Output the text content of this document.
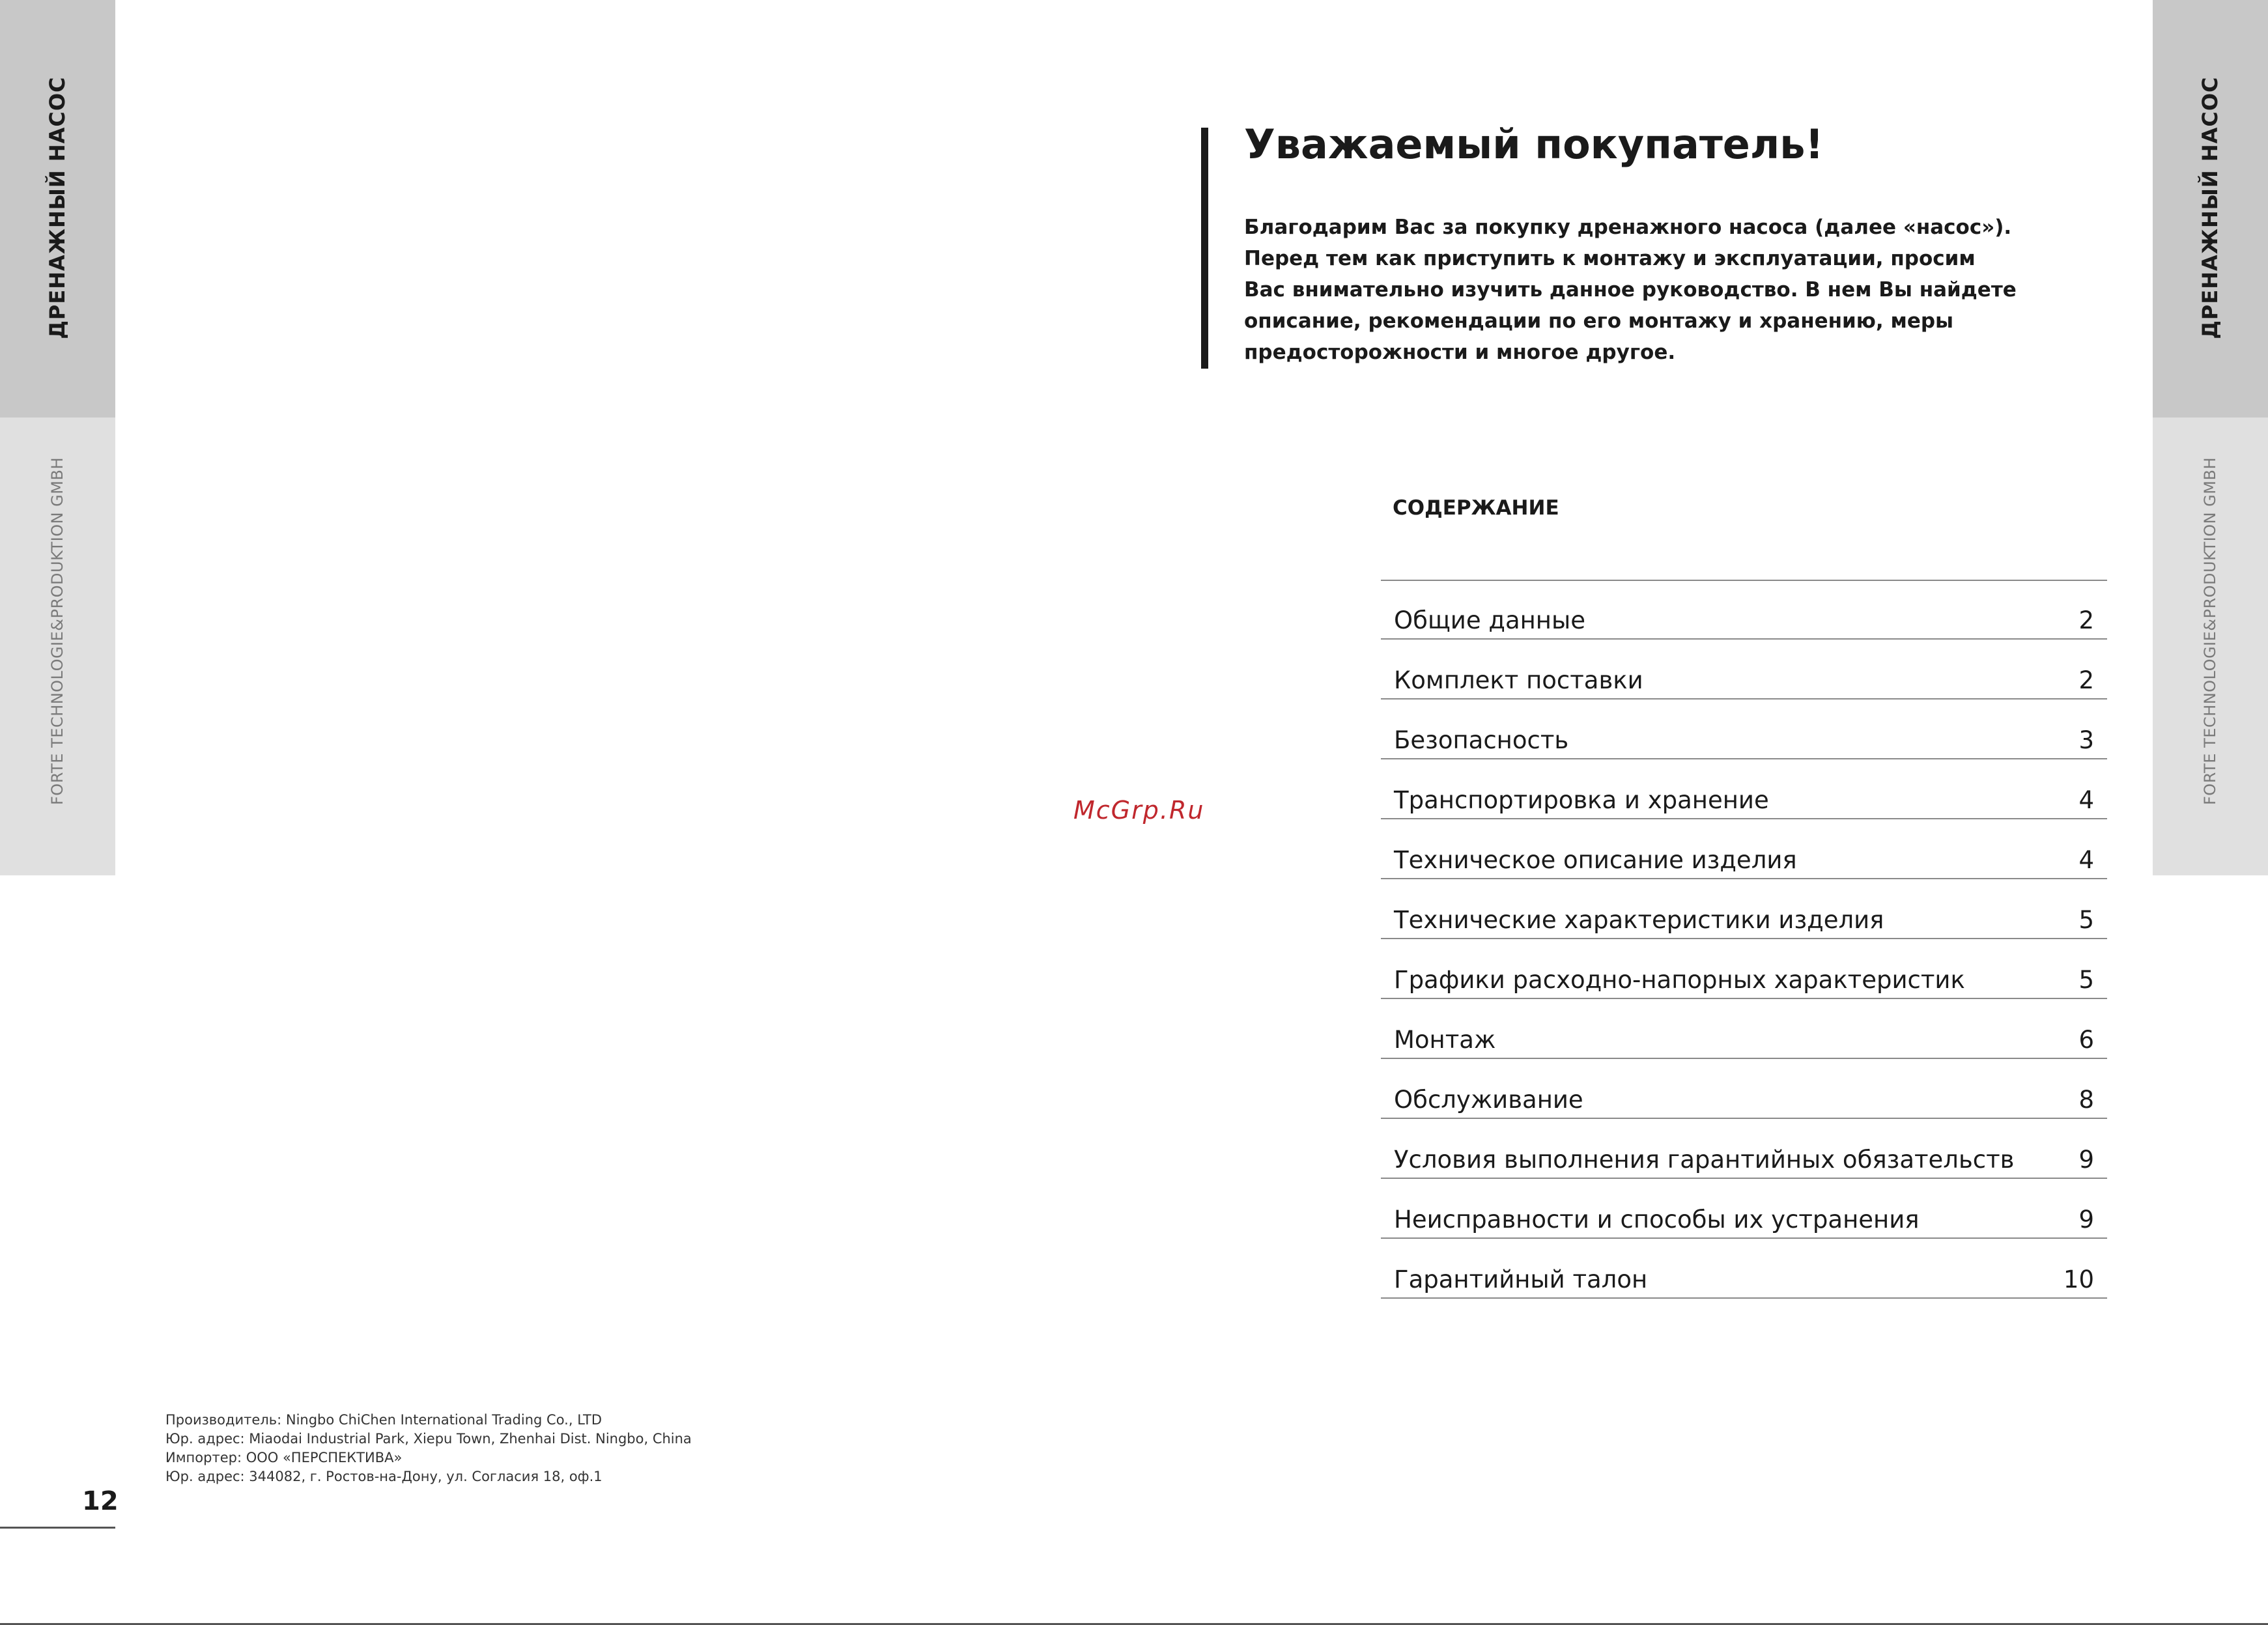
ДРЕНАЖНЫЙ НАСОС
FORTE TECHNOLOGIE&PRODUKTION GMBH
ДРЕНАЖНЫЙ НАСОС
FORTE TECHNOLOGIE&PRODUKTION GMBH
Уважаемый покупатель!
Благодарим Вас за покупку дренажного насоса (далее «насос»).
Перед тем как приступить к монтажу и эксплуатации, просим
Вас внимательно изучить данное руководство. В нем Вы найдете
описание, рекомендации по его монтажу и хранению, меры
предосторожности и многое другое.
СОДЕРЖАНИЕ
Общие данные	2
Комплект поставки	2
Безопасность	3
Транспортировка и хранение	4
Техническое описание изделия	4
Технические характеристики изделия	5
Графики расходно-напорных характеристик	5
Монтаж	6
Обслуживание	8
Условия выполнения гарантийных обязательств	9
Неисправности и способы их устранения	9
Гарантийный талон	10
McGrp.Ru
Производитель: Ningbo ChiChen International Trading Co., LTD
Юр. адрес: Miaodai Industrial Park, Xiepu Town, Zhenhai Dist. Ningbo, China
Импортер: ООО «ПЕРСПЕКТИВА»
Юр. адрес: 344082, г. Ростов-на-Дону, ул. Согласия 18, оф.1
12
